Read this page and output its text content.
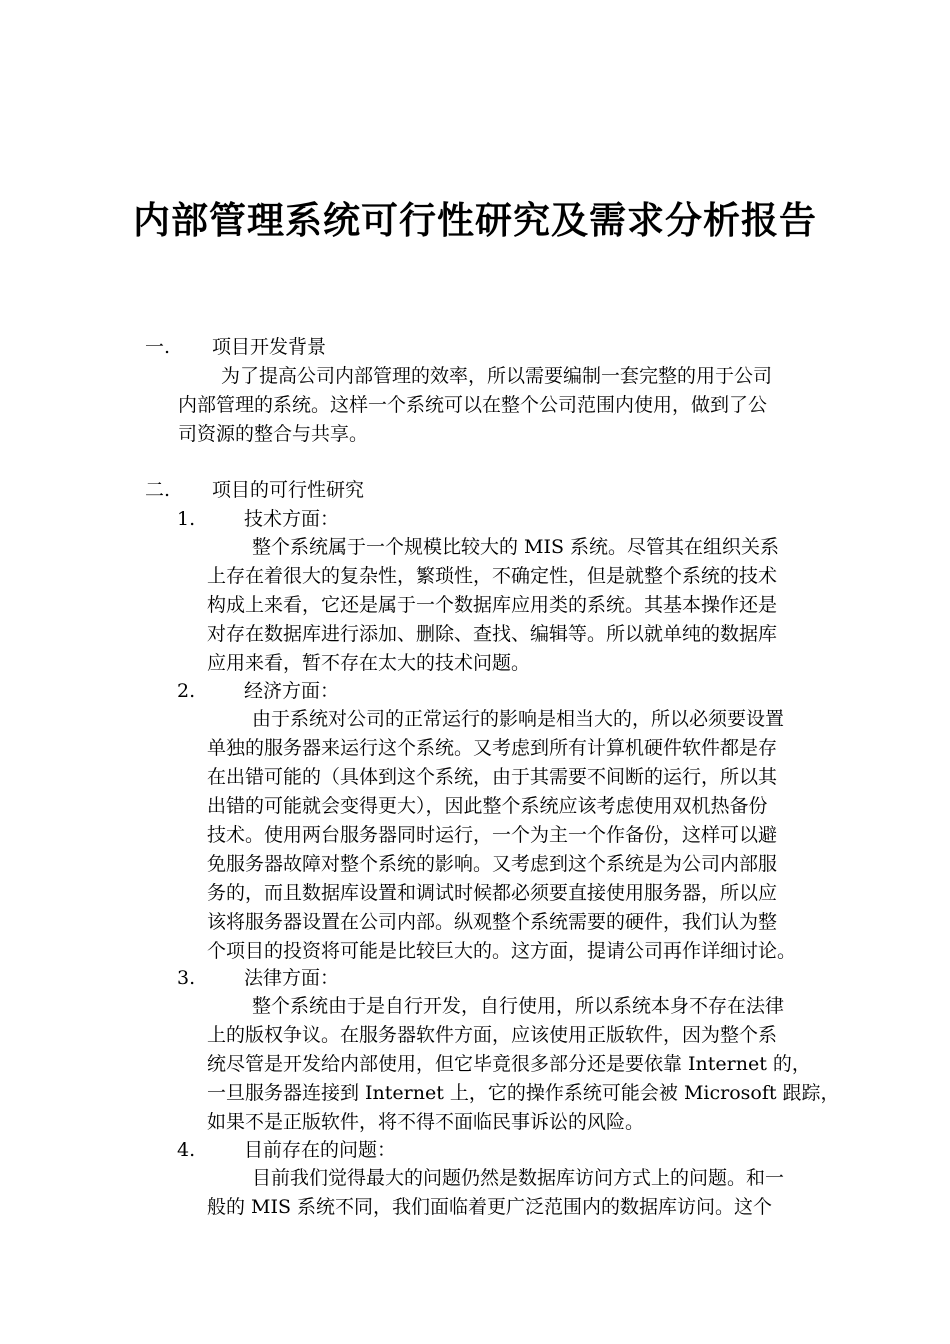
内部管理系统可行性研究及需求分析报告
一. 项目开发背景
为了提高公司内部管理的效率，所以需要编制一套完整的用于公司
内部管理的系统。这样一个系统可以在整个公司范围内使用，做到了公
司资源的整合与共享。
二. 项目的可行性研究
1.	技术方面：
整个系统属于一个规模比较大的 MIS 系统。尽管其在组织关系
上存在着很大的复杂性，繁琐性，不确定性，但是就整个系统的技术
构成上来看，它还是属于一个数据库应用类的系统。其基本操作还是
对存在数据库进行添加、删除、查找、编辑等。所以就单纯的数据库
应用来看，暂不存在太大的技术问题。
2.	经济方面：
由于系统对公司的正常运行的影响是相当大的，所以必须要设置
单独的服务器来运行这个系统。又考虑到所有计算机硬件软件都是存
在出错可能的（具体到这个系统，由于其需要不间断的运行，所以其
出错的可能就会变得更大），因此整个系统应该考虑使用双机热备份
技术。使用两台服务器同时运行，一个为主一个作备份，这样可以避
免服务器故障对整个系统的影响。又考虑到这个系统是为公司内部服
务的，而且数据库设置和调试时候都必须要直接使用服务器，所以应
该将服务器设置在公司内部。纵观整个系统需要的硬件，我们认为整
个项目的投资将可能是比较巨大的。这方面，提请公司再作详细讨论。
3.	法律方面：
整个系统由于是自行开发，自行使用，所以系统本身不存在法律
上的版权争议。在服务器软件方面，应该使用正版软件，因为整个系
统尽管是开发给内部使用，但它毕竟很多部分还是要依靠 Internet 的，
一旦服务器连接到 Internet 上，它的操作系统可能会被 Microsoft 跟踪，
如果不是正版软件，将不得不面临民事诉讼的风险。
4.	目前存在的问题：
目前我们觉得最大的问题仍然是数据库访问方式上的问题。和一
般的 MIS 系统不同，我们面临着更广泛范围内的数据库访问。这个
